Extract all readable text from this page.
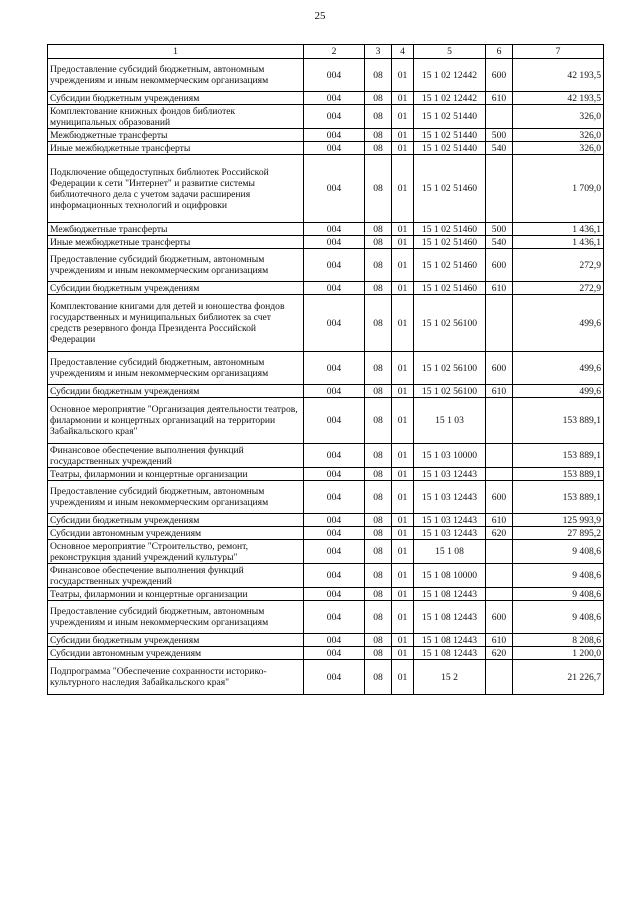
25
1	2	3	4	5	6	7
Предоставление субсидий бюджетным, автономным учреждениям и иным некоммерческим организациям	004	08	01	15 1 02 12442	600	42 193,5
Субсидии бюджетным учреждениям	004	08	01	15 1 02 12442	610	42 193,5
Комплектование книжных фондов библиотек муниципальных образований	004	08	01	15 1 02 51440		326,0
Межбюджетные трансферты	004	08	01	15 1 02 51440	500	326,0
Иные межбюджетные трансферты	004	08	01	15 1 02 51440	540	326,0
Подключение общедоступных библиотек Российской Федерации к сети "Интернет" и развитие системы библиотечного дела с учетом задачи расширения информационных технологий и оцифровки	004	08	01	15 1 02 51460		1 709,0
Межбюджетные трансферты	004	08	01	15 1 02 51460	500	1 436,1
Иные межбюджетные трансферты	004	08	01	15 1 02 51460	540	1 436,1
Предоставление субсидий бюджетным, автономным учреждениям и иным некоммерческим организациям	004	08	01	15 1 02 51460	600	272,9
Субсидии бюджетным учреждениям	004	08	01	15 1 02 51460	610	272,9
Комплектование книгами для детей и юношества фондов государственных и муниципальных библиотек за счет средств резервного фонда Президента Российской Федерации	004	08	01	15 1 02 56100		499,6
Предоставление субсидий бюджетным, автономным учреждениям и иным некоммерческим организациям	004	08	01	15 1 02 56100	600	499,6
Субсидии бюджетным учреждениям	004	08	01	15 1 02 56100	610	499,6
Основное мероприятие "Организация деятельности театров, филармонии и концертных организаций на территории Забайкальского края"	004	08	01	15 1 03		153 889,1
Финансовое обеспечение выполнения функций государственных учреждений	004	08	01	15 1 03 10000		153 889,1
Театры, филармонии и концертные организации	004	08	01	15 1 03 12443		153 889,1
Предоставление субсидий бюджетным, автономным учреждениям и иным некоммерческим организациям	004	08	01	15 1 03 12443	600	153 889,1
Субсидии бюджетным учреждениям	004	08	01	15 1 03 12443	610	125 993,9
Субсидии автономным учреждениям	004	08	01	15 1 03 12443	620	27 895,2
Основное мероприятие "Строительство, ремонт, реконструкция зданий учреждений культуры"	004	08	01	15 1 08		9 408,6
Финансовое обеспечение выполнения функций государственных учреждений	004	08	01	15 1 08 10000		9 408,6
Театры, филармонии и концертные организации	004	08	01	15 1 08 12443		9 408,6
Предоставление субсидий бюджетным, автономным учреждениям и иным некоммерческим организациям	004	08	01	15 1 08 12443	600	9 408,6
Субсидии бюджетным учреждениям	004	08	01	15 1 08 12443	610	8 208,6
Субсидии автономным учреждениям	004	08	01	15 1 08 12443	620	1 200,0
Подпрограмма "Обеспечение сохранности историко-культурного наследия Забайкальского края"	004	08	01	15 2		21 226,7
